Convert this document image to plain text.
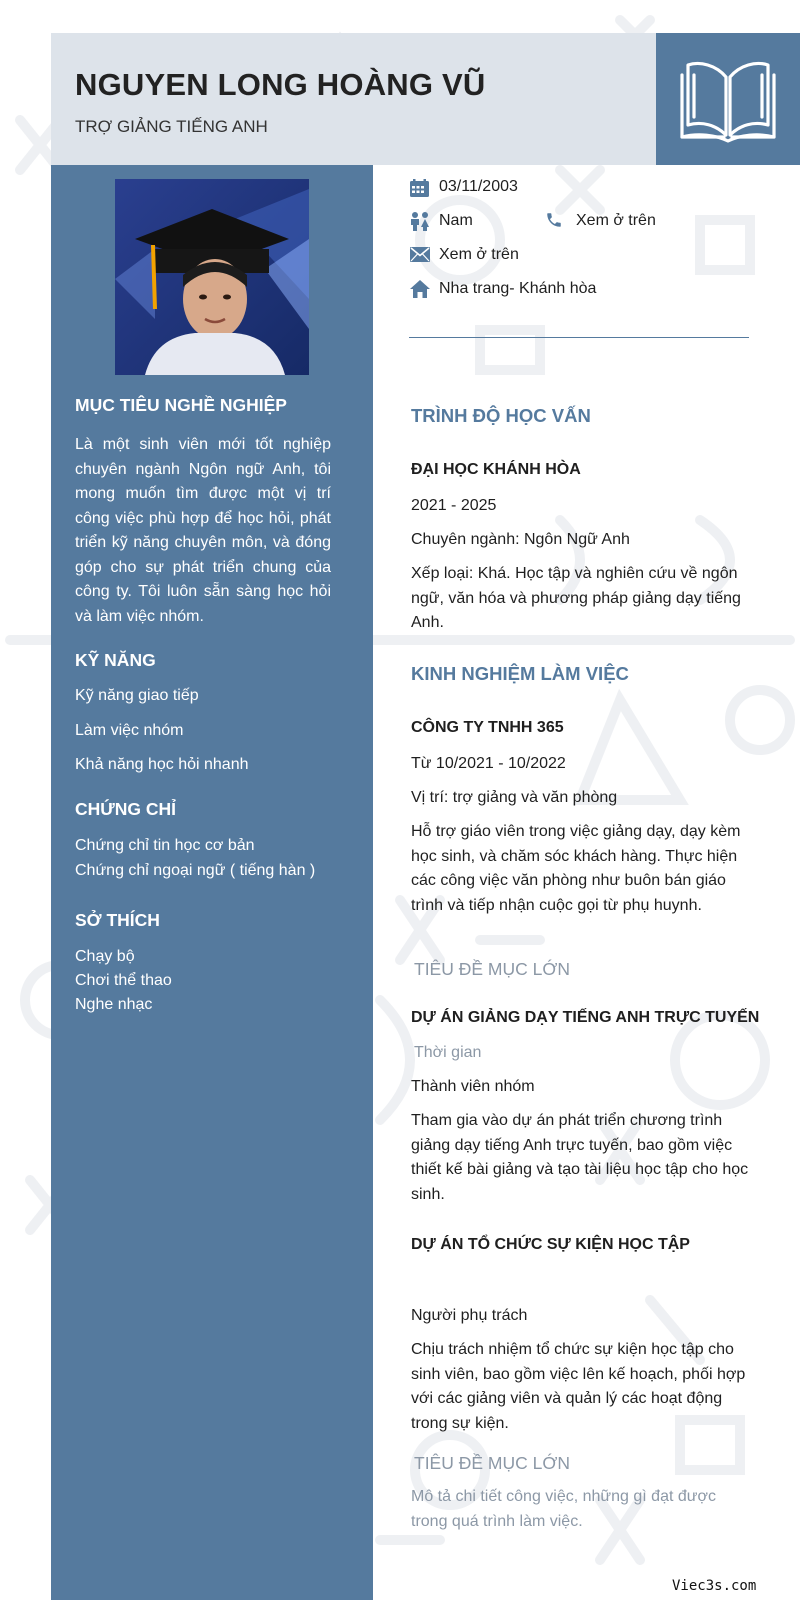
NGUYEN LONG HOÀNG VŨ
TRỢ GIẢNG TIẾNG ANH
MỤC TIÊU NGHỀ NGHIỆP

Là một sinh viên mới tốt nghiệp chuyên ngành Ngôn ngữ Anh, tôi mong muốn tìm được một vị trí công việc phù hợp để học hỏi, phát triển kỹ năng chuyên môn, và đóng góp cho sự phát triển chung của công ty. Tôi luôn sẵn sàng học hỏi và làm việc nhóm.

KỸ NĂNG
Kỹ năng giao tiếp
Làm việc nhóm
Khả năng học hỏi nhanh
CHỨNG CHỈ
Chứng chỉ tin học cơ bản
Chứng chỉ ngoại ngữ ( tiếng hàn )
SỞ THÍCH
Chạy bộ
Chơi thể thao
Nghe nhạc
03/11/2003
Nam	Xem ở trên
Xem ở trên
Nha trang- Khánh hòa
TRÌNH ĐỘ HỌC VẤN
ĐẠI HỌC KHÁNH HÒA
2021 - 2025
Chuyên ngành: Ngôn Ngữ Anh

Xếp loại: Khá. Học tập và nghiên cứu về ngôn ngữ, văn hóa và phương pháp giảng dạy tiếng Anh.

KINH NGHIỆM LÀM VIỆC
CÔNG TY TNHH 365
Từ 10/2021 - 10/2022
Vị trí: trợ giảng và văn phòng

Hỗ trợ giáo viên trong việc giảng dạy, dạy kèm học sinh, và chăm sóc khách hàng. Thực hiện các công việc văn phòng như buôn bán giáo trình và tiếp nhận cuộc gọi từ phụ huynh.

TIÊU ĐỀ MỤC LỚN
DỰ ÁN GIẢNG DẠY TIẾNG ANH TRỰC TUYẾN
Thời gian
Thành viên nhóm

Tham gia vào dự án phát triển chương trình giảng dạy tiếng Anh trực tuyến, bao gồm việc thiết kế bài giảng và tạo tài liệu học tập cho học sinh.

DỰ ÁN TỔ CHỨC SỰ KIỆN HỌC TẬP
Người phụ trách

Chịu trách nhiệm tổ chức sự kiện học tập cho sinh viên, bao gồm việc lên kế hoạch, phối hợp với các giảng viên và quản lý các hoạt động trong sự kiện.

TIÊU ĐỀ MỤC LỚN

Mô tả chi tiết công việc, những gì đạt được trong quá trình làm việc.

Viec3s.com
